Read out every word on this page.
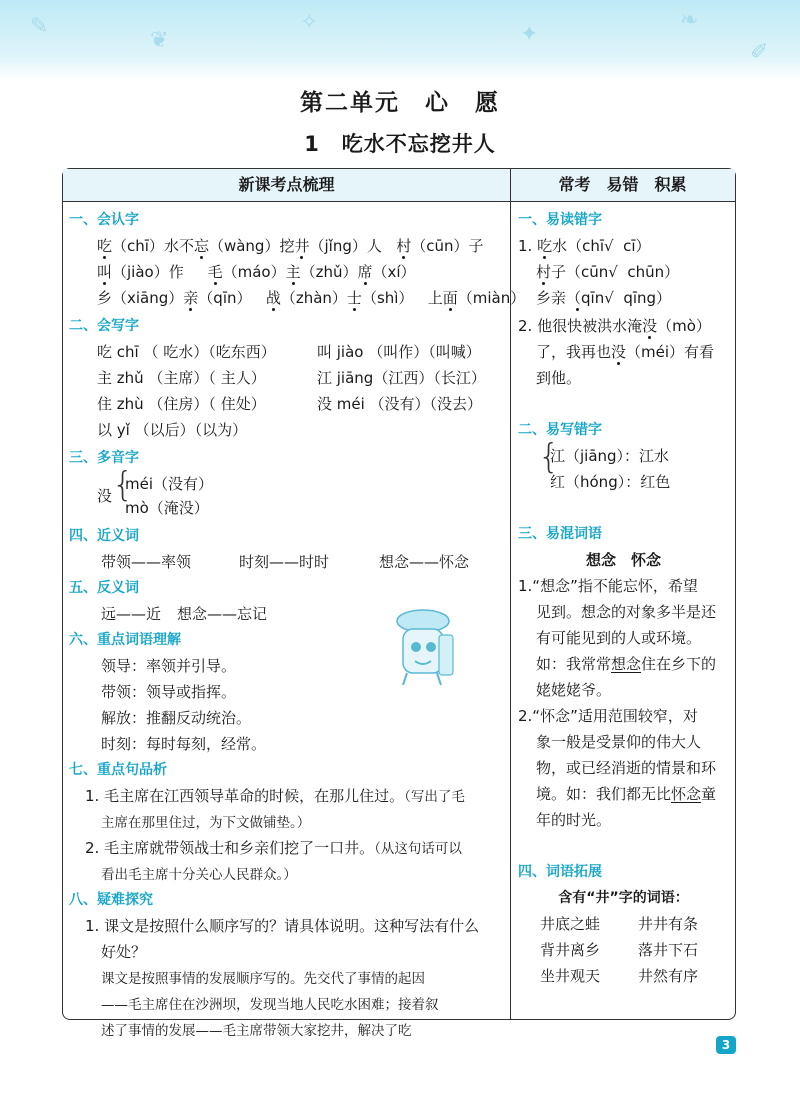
✎
❦
✧	✦
❧
✐
第二单元　心　愿
1　吃水不忘挖井人
新课考点梳理	常考　易错　积累
一、会认字
吃（chī）水不忘（wàng）挖井（jǐng）人 村（cūn）子
叫（jiào）作 毛（máo）主（zhǔ）席（xí）
乡（xiāng）亲（qīn） 战（zhàn）士（shì） 上面（miàn）
二、会写字
吃 chī （ 吃水）（吃东西）	叫 jiào （叫作）（叫喊）
主 zhǔ （主席）（ 主人）	江 jiāng（江西）（长江）
住 zhù （住房）（ 住处）	没 méi （没有）（没去）
以 yǐ （以后）（以为）
三、多音字
没 {
méi（没有）
mò（淹没）
四、近义词
带领——率领	时刻——时时	想念——怀念
五、反义词
远——近 想念——忘记
六、重点词语理解
领导：率领并引导。
带领：领导或指挥。
解放：推翻反动统治。
时刻：每时每刻，经常。
七、重点句品析
1. 毛主席在江西领导革命的时候，在那儿住过。（写出了毛
主席在那里住过，为下文做铺垫。）
2. 毛主席就带领战士和乡亲们挖了一口井。（从这句话可以
看出毛主席十分关心人民群众。）
八、疑难探究
1. 课文是按照什么顺序写的？请具体说明。这种写法有什么
好处？
课文是按照事情的发展顺序写的。先交代了事情的起因
——毛主席住在沙洲坝，发现当地人民吃水困难；接着叙
述了事情的发展——毛主席带领大家挖井，解决了吃
一、易读错字
1. 吃水（chī√ cī）
村子（cūn√ chūn）
乡亲（qīn√ qīng）
2. 他很快被洪水淹没（mò）
了，我再也没（méi）有看
到他。
二、易写错字
{
江（jiāng）：江水
红（hóng）：红色
三、易混词语
想念　怀念
1.“想念”指不能忘怀，希望
见到。想念的对象多半是还
有可能见到的人或环境。
如：我常常想念住在乡下的
姥姥姥爷。
2.“怀念”适用范围较窄，对
象一般是受景仰的伟大人
物，或已经消逝的情景和环
境。如：我们都无比怀念童
年的时光。
四、词语拓展
含有“井”字的词语：
井底之蛙	井井有条
背井离乡	落井下石
坐井观天	井然有序
3
